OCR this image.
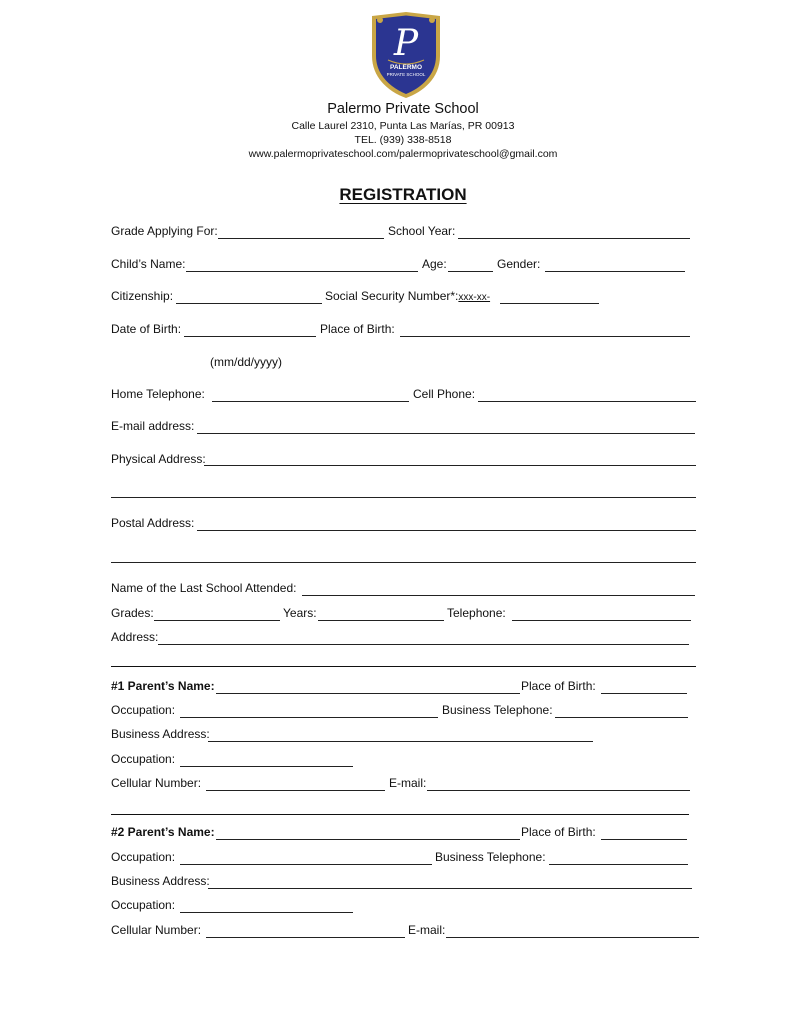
P
PALERMO
PRIVATE SCHOOL
Palermo Private School
Calle Laurel 2310, Punta Las Marías, PR 00913
TEL. (939) 338-8518
www.palermoprivateschool.com/palermoprivateschool@gmail.com
REGISTRATION
Grade Applying For:	School Year:
Child’s Name:	Age:	Gender:
Citizenship:	Social Security Number*:xxx-xx-
Date of Birth:	Place of Birth:
(mm/dd/yyyy)
Home Telephone:	Cell Phone:
E-mail address:
Physical Address:
Postal Address:
Name of the Last School Attended:
Grades:	Years:	Telephone:
Address:
#1 Parent’s Name:	Place of Birth:
Occupation:	Business Telephone:
Business Address:
Occupation:
Cellular Number:	E-mail:
#2 Parent’s Name:	Place of Birth:
Occupation:	Business Telephone:
Business Address:
Occupation:
Cellular Number:	E-mail:
